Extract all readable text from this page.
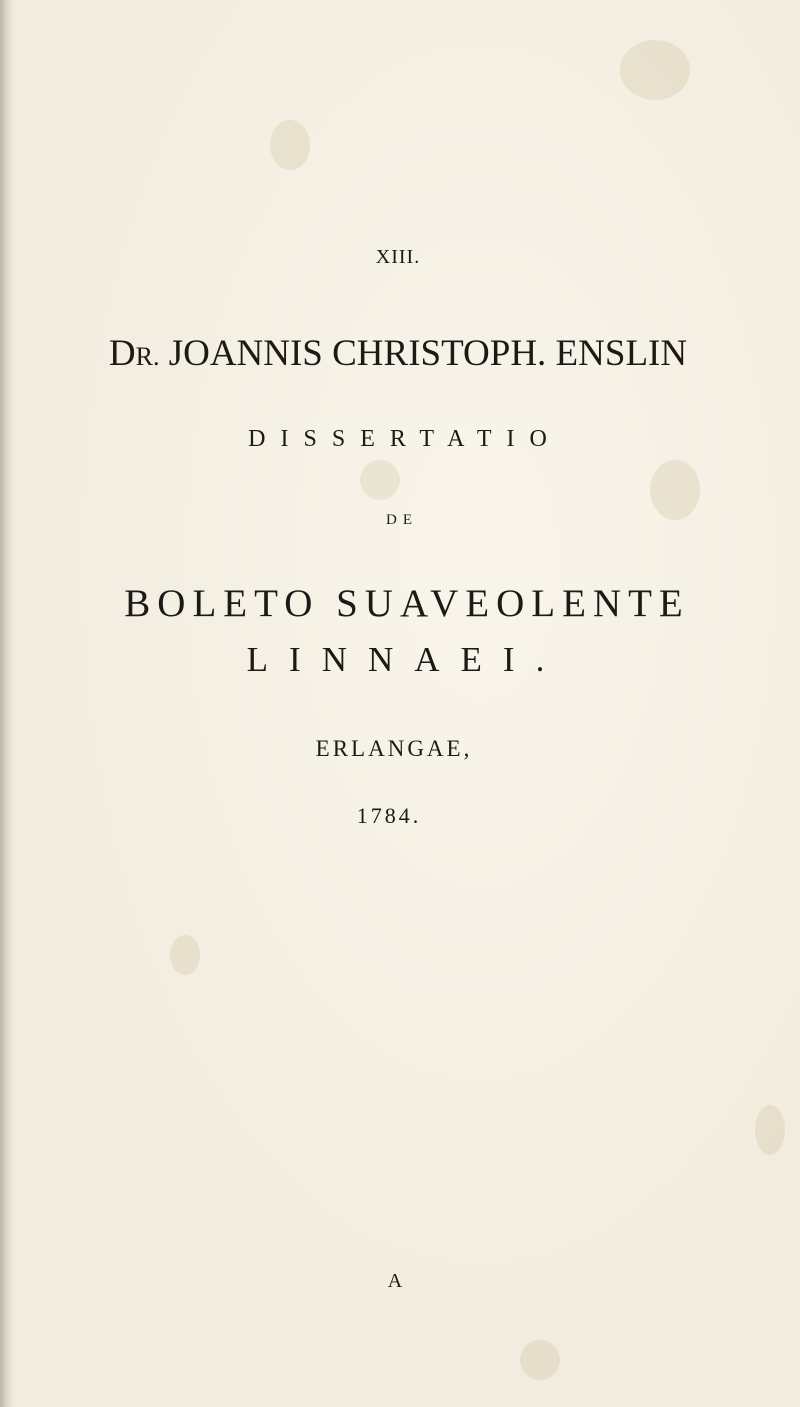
XIII.
DR. JOANNIS CHRISTOPH. ENSLIN
DISSERTATIO
DE
BOLETO SUAVEOLENTE
LINNAEI.
ERLANGAE,
1784.
A
